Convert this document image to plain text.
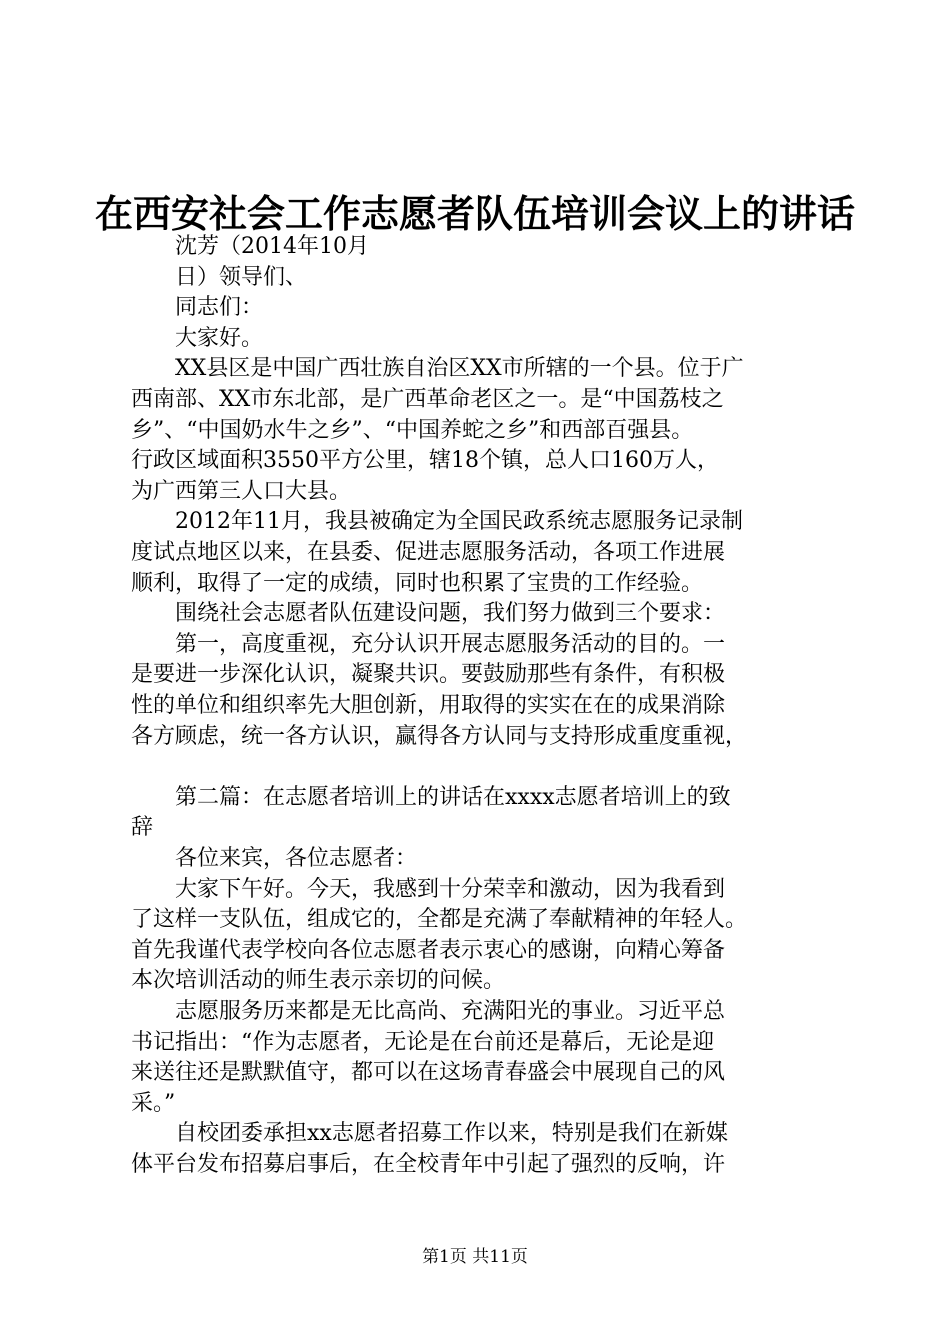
在西安社会工作志愿者队伍培训会议上的讲话
　　沈芳（2014年10月
　　日）领导们、
　　同志们：
　　大家好。
　　XX县区是中国广西壮族自治区XX市所辖的一个县。位于广
西南部、XX市东北部，是广西革命老区之一。是“中国荔枝之
乡”、“中国奶水牛之乡”、“中国养蛇之乡”和西部百强县。
行政区域面积3550平方公里，辖18个镇，总人口160万人，
为广西第三人口大县。
　　2012年11月，我县被确定为全国民政系统志愿服务记录制
度试点地区以来，在县委、促进志愿服务活动，各项工作进展
顺利，取得了一定的成绩，同时也积累了宝贵的工作经验。
　　围绕社会志愿者队伍建设问题，我们努力做到三个要求：
　　第一，高度重视，充分认识开展志愿服务活动的目的。一
是要进一步深化认识，凝聚共识。要鼓励那些有条件，有积极
性的单位和组织率先大胆创新，用取得的实实在在的成果消除
各方顾虑，统一各方认识，赢得各方认同与支持形成重度重视，
　　第二篇：在志愿者培训上的讲话在xxxx志愿者培训上的致
辞
　　各位来宾，各位志愿者：
　　大家下午好。今天，我感到十分荣幸和激动，因为我看到
了这样一支队伍，组成它的，全都是充满了奉献精神的年轻人。
首先我谨代表学校向各位志愿者表示衷心的感谢，向精心筹备
本次培训活动的师生表示亲切的问候。
　　志愿服务历来都是无比高尚、充满阳光的事业。习近平总
书记指出：“作为志愿者，无论是在台前还是幕后，无论是迎
来送往还是默默值守，都可以在这场青春盛会中展现自己的风
采。”
　　自校团委承担xx志愿者招募工作以来，特别是我们在新媒
体平台发布招募启事后，在全校青年中引起了强烈的反响，许
第1页 共11页
